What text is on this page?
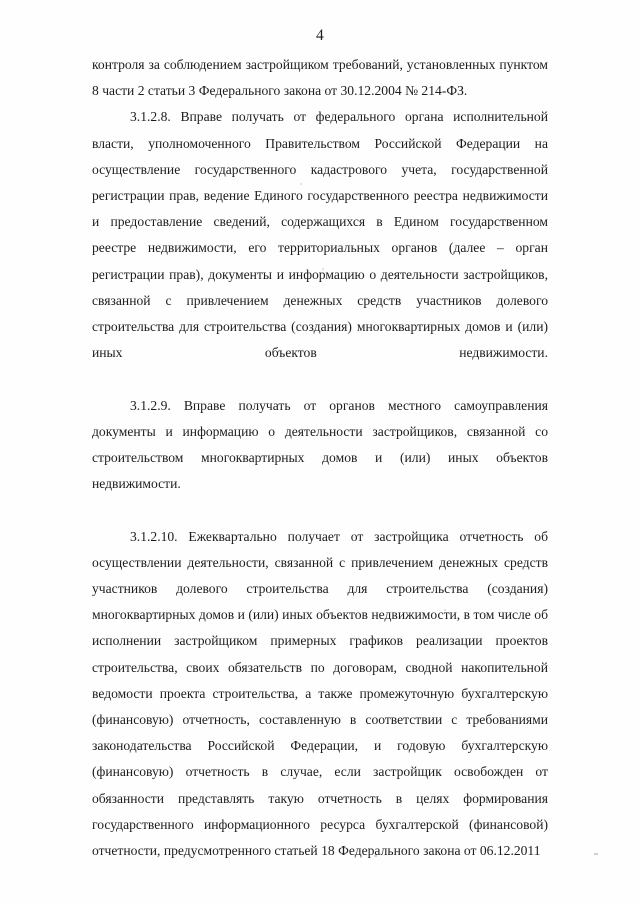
4

контроля за соблюдением застройщиком требований, установленных пунктом 8 части 2 статьи 3 Федерального закона от 30.12.2004 № 214-ФЗ.

3.1.2.8. Вправе получать от федерального органа исполнительной власти, уполномоченного Правительством Российской Федерации на осуществление государственного кадастрового учета, государственной регистрации прав, ведение Единого государственного реестра недвижимости и предоставление сведений, содержащихся в Едином государственном реестре недвижимости, его территориальных органов (далее – орган регистрации прав), документы и информацию о деятельности застройщиков, связанной с привлечением денежных средств участников долевого строительства для строительства (создания) многоквартирных домов и (или) иных объектов недвижимости.

3.1.2.9. Вправе получать от органов местного самоуправления документы и информацию о деятельности застройщиков, связанной со строительством многоквартирных домов и (или) иных объектов недвижимости.

3.1.2.10. Ежеквартально получает от застройщика отчетность об осуществлении деятельности, связанной с привлечением денежных средств участников долевого строительства для строительства (создания) многоквартирных домов и (или) иных объектов недвижимости, в том числе об исполнении застройщиком примерных графиков реализации проектов строительства, своих обязательств по договорам, сводной накопительной ведомости проекта строительства, а также промежуточную бухгалтерскую (финансовую) отчетность, составленную в соответствии с требованиями законодательства Российской Федерации, и годовую бухгалтерскую (финансовую) отчетность в случае, если застройщик освобожден от обязанности представлять такую отчетность в целях формирования государственного информационного ресурса бухгалтерской (финансовой) отчетности, предусмотренного статьей 18 Федерального закона от 06.12.2011
